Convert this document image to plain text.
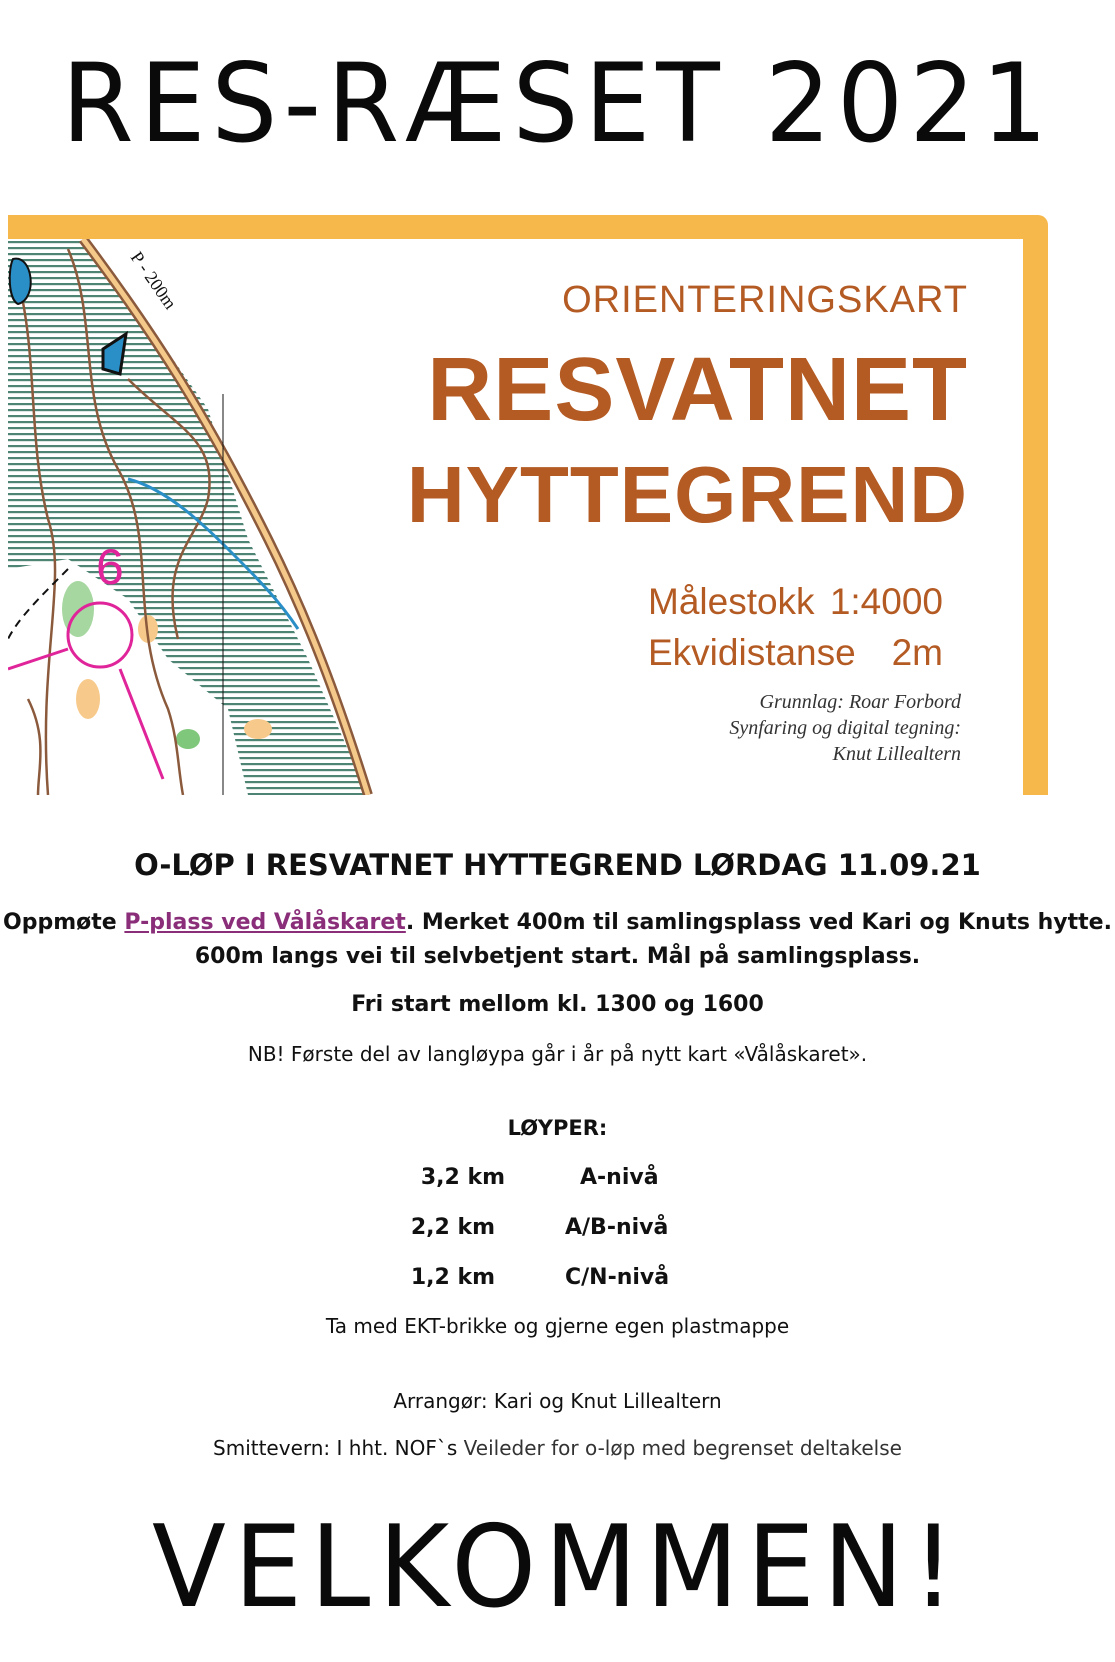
RES-RÆSET 2021
6
P - 200m	ORIENTERINGSKART
RESVATNET
HYTTEGREND
Målestokk 1:4000
Ekvidistanse 2m
Grunnlag: Roar Forbord
Synfaring og digital tegning:
Knut Lillealtern
O-LØP I RESVATNET HYTTEGREND LØRDAG 11.09.21
Oppmøte P-plass ved Vålåskaret. Merket 400m til samlingsplass ved Kari og Knuts hytte.
600m langs vei til selvbetjent start. Mål på samlingsplass.
Fri start mellom kl. 1300 og 1600
NB! Første del av langløypa går i år på nytt kart «Vålåskaret».
LØYPER:
3,2 km	A-nivå
2,2 km	A/B-nivå
1,2 km	C/N-nivå
Ta med EKT-brikke og gjerne egen plastmappe
Arrangør: Kari og Knut Lillealtern
Smittevern: I hht. NOF`s Veileder for o-løp med begrenset deltakelse
VELKOMMEN!
